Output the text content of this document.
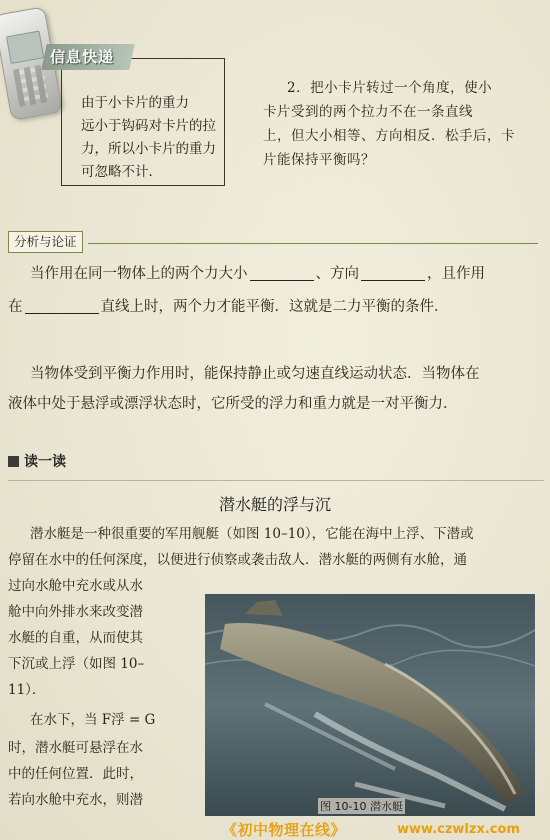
信息快递
由于小卡片的重力
远小于钩码对卡片的拉
力，所以小卡片的重力
可忽略不计．
2．把小卡片转过一个角度，使小
卡片受到的两个拉力不在一条直线
上，但大小相等、方向相反．松手后，卡
片能保持平衡吗？
分析与论证
当作用在同一物体上的两个力大小	、方向	，且作用
在	直线上时，两个力才能平衡．这就是二力平衡的条件．
当物体受到平衡力作用时，能保持静止或匀速直线运动状态．当物体在
液体中处于悬浮或漂浮状态时，它所受的浮力和重力就是一对平衡力．
读一读
潜水艇的浮与沉
潜水艇是一种很重要的军用舰艇（如图 10–10），它能在海中上浮、下潜或
停留在水中的任何深度，以便进行侦察或袭击敌人．潜水艇的两侧有水舱，通
过向水舱中充水或从水
舱中向外排水来改变潜
水艇的自重，从而使其
下沉或上浮（如图 10–
11）．
在水下，当 F浮 = G
时，潜水艇可悬浮在水
中的任何位置．此时，
若向水舱中充水，则潜	图 10-10 潜水艇
《初中物理在线》	www.czwlzx.com
